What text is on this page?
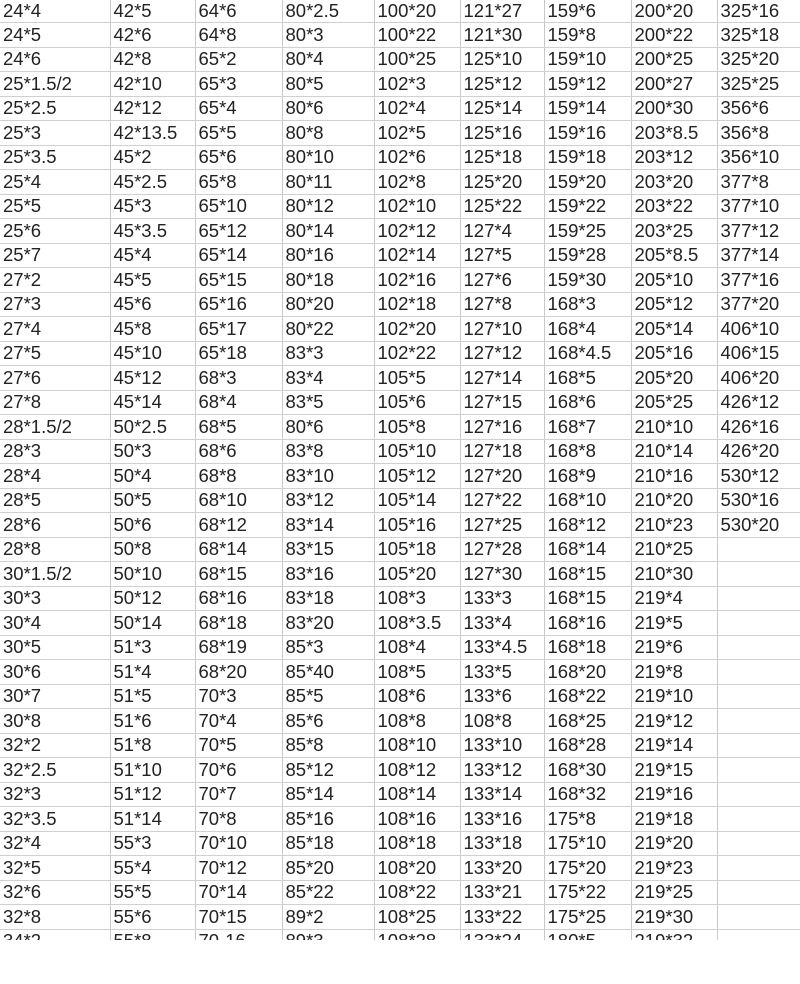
24*4	42*5	64*6	80*2.5	100*20	121*27	159*6	200*20	325*16
24*5	42*6	64*8	80*3	100*22	121*30	159*8	200*22	325*18
24*6	42*8	65*2	80*4	100*25	125*10	159*10	200*25	325*20
25*1.5/2	42*10	65*3	80*5	102*3	125*12	159*12	200*27	325*25
25*2.5	42*12	65*4	80*6	102*4	125*14	159*14	200*30	356*6
25*3	42*13.5	65*5	80*8	102*5	125*16	159*16	203*8.5	356*8
25*3.5	45*2	65*6	80*10	102*6	125*18	159*18	203*12	356*10
25*4	45*2.5	65*8	80*11	102*8	125*20	159*20	203*20	377*8
25*5	45*3	65*10	80*12	102*10	125*22	159*22	203*22	377*10
25*6	45*3.5	65*12	80*14	102*12	127*4	159*25	203*25	377*12
25*7	45*4	65*14	80*16	102*14	127*5	159*28	205*8.5	377*14
27*2	45*5	65*15	80*18	102*16	127*6	159*30	205*10	377*16
27*3	45*6	65*16	80*20	102*18	127*8	168*3	205*12	377*20
27*4	45*8	65*17	80*22	102*20	127*10	168*4	205*14	406*10
27*5	45*10	65*18	83*3	102*22	127*12	168*4.5	205*16	406*15
27*6	45*12	68*3	83*4	105*5	127*14	168*5	205*20	406*20
27*8	45*14	68*4	83*5	105*6	127*15	168*6	205*25	426*12
28*1.5/2	50*2.5	68*5	80*6	105*8	127*16	168*7	210*10	426*16
28*3	50*3	68*6	83*8	105*10	127*18	168*8	210*14	426*20
28*4	50*4	68*8	83*10	105*12	127*20	168*9	210*16	530*12
28*5	50*5	68*10	83*12	105*14	127*22	168*10	210*20	530*16
28*6	50*6	68*12	83*14	105*16	127*25	168*12	210*23	530*20
28*8	50*8	68*14	83*15	105*18	127*28	168*14	210*25	
30*1.5/2	50*10	68*15	83*16	105*20	127*30	168*15	210*30	
30*3	50*12	68*16	83*18	108*3	133*3	168*15	219*4	
30*4	50*14	68*18	83*20	108*3.5	133*4	168*16	219*5	
30*5	51*3	68*19	85*3	108*4	133*4.5	168*18	219*6	
30*6	51*4	68*20	85*40	108*5	133*5	168*20	219*8	
30*7	51*5	70*3	85*5	108*6	133*6	168*22	219*10	
30*8	51*6	70*4	85*6	108*8	108*8	168*25	219*12	
32*2	51*8	70*5	85*8	108*10	133*10	168*28	219*14	
32*2.5	51*10	70*6	85*12	108*12	133*12	168*30	219*15	
32*3	51*12	70*7	85*14	108*14	133*14	168*32	219*16	
32*3.5	51*14	70*8	85*16	108*16	133*16	175*8	219*18	
32*4	55*3	70*10	85*18	108*18	133*18	175*10	219*20	
32*5	55*4	70*12	85*20	108*20	133*20	175*20	219*23	
32*6	55*5	70*14	85*22	108*22	133*21	175*22	219*25	
32*8	55*6	70*15	89*2	108*25	133*22	175*25	219*30	
